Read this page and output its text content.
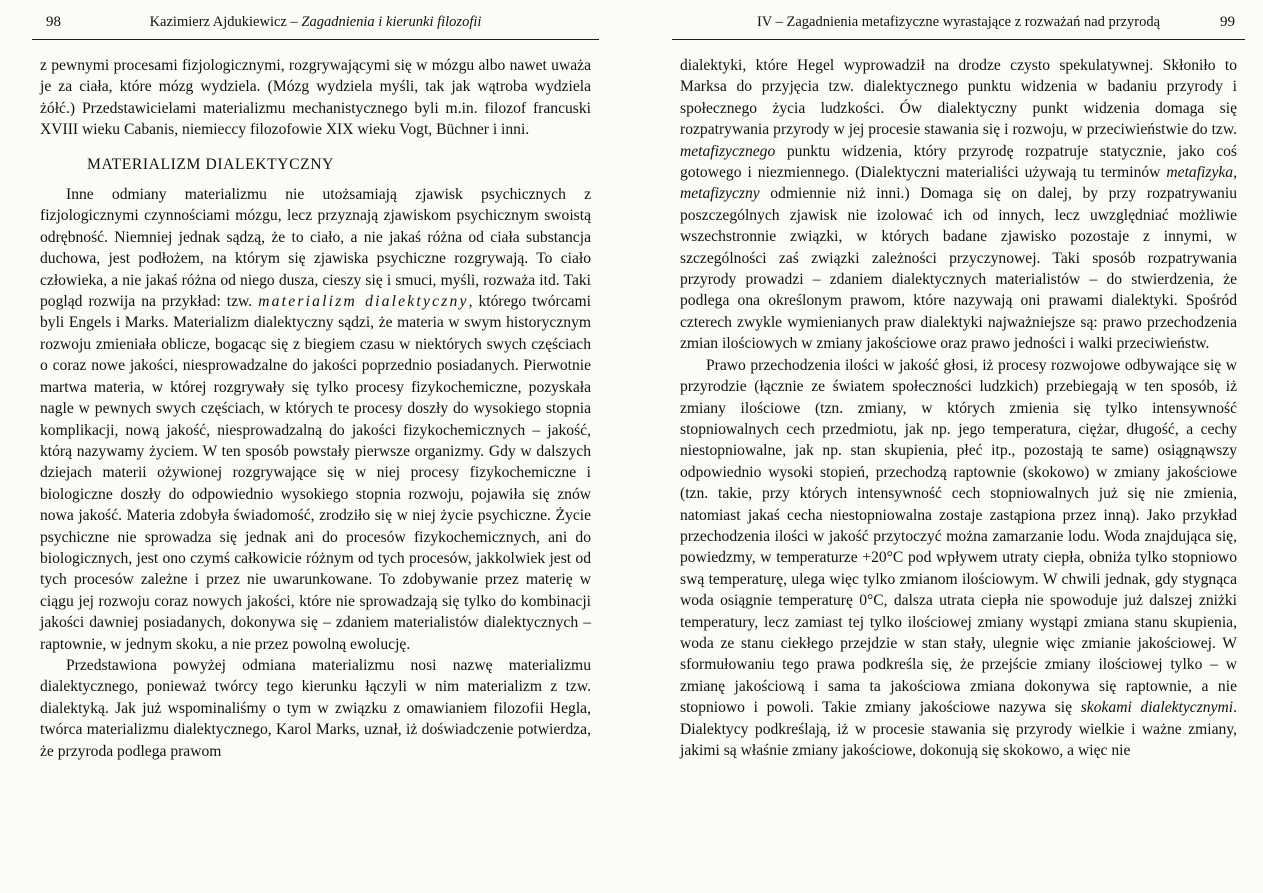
98	Kazimierz Ajdukiewicz – Zagadnienia i kierunki filozofii

z pewnymi procesami fizjologicznymi, rozgrywającymi się w mózgu albo nawet uważa je za ciała, które mózg wydziela. (Mózg wydziela myśli, tak jak wątroba wydziela żółć.) Przedstawicielami materializmu mechanistycznego byli m.in. filozof francuski XVIII wieku Cabanis, niemieccy filozofowie XIX wieku Vogt, Büchner i inni.

MATERIALIZM DIALEKTYCZNY

Inne odmiany materializmu nie utożsamiają zjawisk psychicznych z fizjologicznymi czynnościami mózgu, lecz przyznają zjawiskom psychicznym swoistą odrębność. Niemniej jednak sądzą, że to ciało, a nie jakaś różna od ciała substancja duchowa, jest podłożem, na którym się zjawiska psychiczne rozgrywają. To ciało człowieka, a nie jakaś różna od niego dusza, cieszy się i smuci, myśli, rozważa itd. Taki pogląd rozwija na przykład: tzw. materializm dialektyczny, którego twórcami byli Engels i Marks. Materializm dialektyczny sądzi, że materia w swym historycznym rozwoju zmieniała oblicze, bogacąc się z biegiem czasu w niektórych swych częściach o coraz nowe jakości, niesprowadzalne do jakości poprzednio posiadanych. Pierwotnie martwa materia, w której rozgrywały się tylko procesy fizykochemiczne, pozyskała nagle w pewnych swych częściach, w których te procesy doszły do wysokiego stopnia komplikacji, nową jakość, niesprowadzalną do jakości fizykochemicznych – jakość, którą nazywamy życiem. W ten sposób powstały pierwsze organizmy. Gdy w dalszych dziejach materii ożywionej rozgrywające się w niej procesy fizykochemiczne i biologiczne doszły do odpowiednio wysokiego stopnia rozwoju, pojawiła się znów nowa jakość. Materia zdobyła świadomość, zrodziło się w niej życie psychiczne. Życie psychiczne nie sprowadza się jednak ani do procesów fizykochemicznych, ani do biologicznych, jest ono czymś całkowicie różnym od tych procesów, jakkolwiek jest od tych procesów zależne i przez nie uwarunkowane. To zdobywanie przez materię w ciągu jej rozwoju coraz nowych jakości, które nie sprowadzają się tylko do kombinacji jakości dawniej posiadanych, dokonywa się – zdaniem materialistów dialektycznych – raptownie, w jednym skoku, a nie przez powolną ewolucję.

Przedstawiona powyżej odmiana materializmu nosi nazwę materializmu dialektycznego, ponieważ twórcy tego kierunku łączyli w nim materializm z tzw. dialektyką. Jak już wspominaliśmy o tym w związku z omawianiem filozofii Hegla, twórca materializmu dialektycznego, Karol Marks, uznał, iż doświadczenie potwierdza, że przyroda podlega prawom

IV – Zagadnienia metafizyczne wyrastające z rozważań nad przyrodą	99

dialektyki, które Hegel wyprowadził na drodze czysto spekulatywnej. Skłoniło to Marksa do przyjęcia tzw. dialektycznego punktu widzenia w badaniu przyrody i społecznego życia ludzkości. Ów dialektyczny punkt widzenia domaga się rozpatrywania przyrody w jej procesie stawania się i rozwoju, w przeciwieństwie do tzw. metafizycznego punktu widzenia, który przyrodę rozpatruje statycznie, jako coś gotowego i niezmiennego. (Dialektyczni materialiści używają tu terminów metafizyka, metafizyczny odmiennie niż inni.) Domaga się on dalej, by przy rozpatrywaniu poszczególnych zjawisk nie izolować ich od innych, lecz uwzględniać możliwie wszechstronnie związki, w których badane zjawisko pozostaje z innymi, w szczególności zaś związki zależności przyczynowej. Taki sposób rozpatrywania przyrody prowadzi – zdaniem dialektycznych materialistów – do stwierdzenia, że podlega ona określonym prawom, które nazywają oni prawami dialektyki. Spośród czterech zwykle wymienianych praw dialektyki najważniejsze są: prawo przechodzenia zmian ilościowych w zmiany jakościowe oraz prawo jedności i walki przeciwieństw.

Prawo przechodzenia ilości w jakość głosi, iż procesy rozwojowe odbywające się w przyrodzie (łącznie ze światem społeczności ludzkich) przebiegają w ten sposób, iż zmiany ilościowe (tzn. zmiany, w których zmienia się tylko intensywność stopniowalnych cech przedmiotu, jak np. jego temperatura, ciężar, długość, a cechy niestopniowalne, jak np. stan skupienia, płeć itp., pozostają te same) osiągnąwszy odpowiednio wysoki stopień, przechodzą raptownie (skokowo) w zmiany jakościowe (tzn. takie, przy których intensywność cech stopniowalnych już się nie zmienia, natomiast jakaś cecha niestopniowalna zostaje zastąpiona przez inną). Jako przykład przechodzenia ilości w jakość przytoczyć można zamarzanie lodu. Woda znajdująca się, powiedzmy, w temperaturze +20°C pod wpływem utraty ciepła, obniża tylko stopniowo swą temperaturę, ulega więc tylko zmianom ilościowym. W chwili jednak, gdy stygnąca woda osiągnie temperaturę 0°C, dalsza utrata ciepła nie spowoduje już dalszej zniżki temperatury, lecz zamiast tej tylko ilościowej zmiany wystąpi zmiana stanu skupienia, woda ze stanu ciekłego przejdzie w stan stały, ulegnie więc zmianie jakościowej. W sformułowaniu tego prawa podkreśla się, że przejście zmiany ilościowej tylko – w zmianę jakościową i sama ta jakościowa zmiana dokonywa się raptownie, a nie stopniowo i powoli. Takie zmiany jakościowe nazywa się skokami dialektycznymi. Dialektycy podkreślają, iż w procesie stawania się przyrody wielkie i ważne zmiany, jakimi są właśnie zmiany jakościowe, dokonują się skokowo, a więc nie
